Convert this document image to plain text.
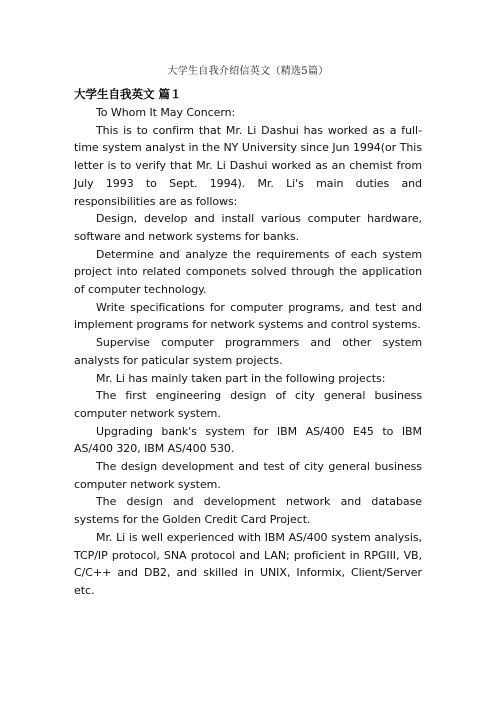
大学生自我介绍信英文（精选5篇）
大学生自我英文 篇１

To Whom It May Concern:

This is to confirm that Mr. Li Dashui has worked as a full-time system analyst in the NY University since Jun 1994(or This letter is to verify that Mr. Li Dashui worked as an chemist from July 1993 to Sept. 1994). Mr. Li's main duties and responsibilities are as follows:

Design, develop and install various computer hardware, software and network systems for banks.

Determine and analyze the requirements of each system project into related componets solved through the application of computer technology.

Write specifications for computer programs, and test and implement programs for network systems and control systems.

Supervise computer programmers and other system analysts for paticular system projects.

Mr. Li has mainly taken part in the following projects:

The first engineering design of city general business computer network system.

Upgrading bank's system for IBM AS/400 E45 to IBM AS/400 320, IBM AS/400 530.

The design development and test of city general business computer network system.

The design and development network and database systems for the Golden Credit Card Project.

Mr. Li is well experienced with IBM AS/400 system analysis, TCP/IP protocol, SNA protocol and LAN; proficient in RPGIII, VB, C/C++ and DB2, and skilled in UNIX, Informix, Client/Server etc.
